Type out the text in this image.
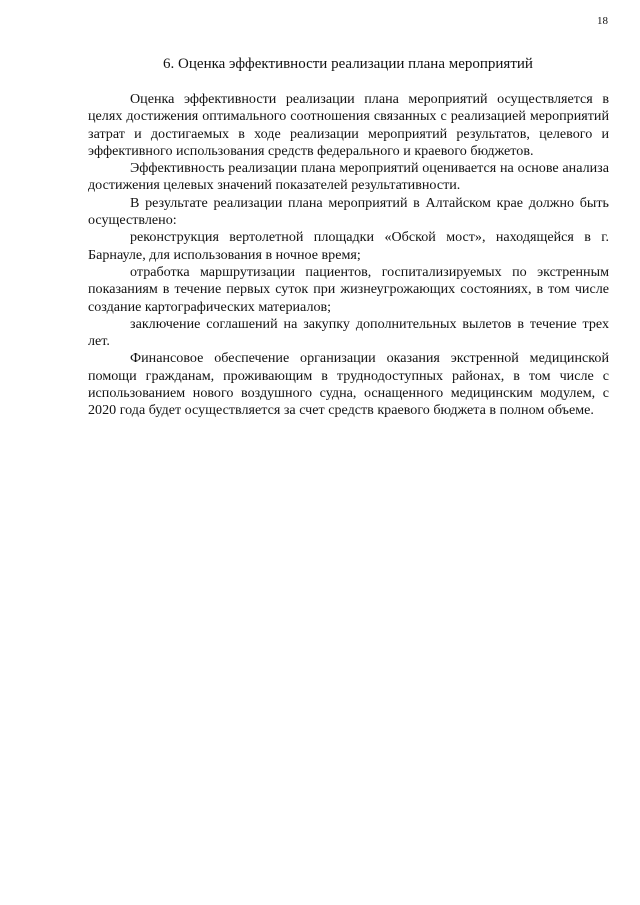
18
6. Оценка эффективности реализации плана мероприятий

Оценка эффективности реализации плана мероприятий осуществляется в целях достижения оптимального соотношения связанных с реализацией мероприятий затрат и достигаемых в ходе реализации мероприятий результатов, целевого и эффективного использования средств федерального и краевого бюджетов.

Эффективность реализации плана мероприятий оценивается на основе анализа достижения целевых значений показателей результативности.

В результате реализации плана мероприятий в Алтайском крае должно быть осуществлено:

реконструкция вертолетной площадки «Обской мост», находящейся в г. Барнауле, для использования в ночное время;

отработка маршрутизации пациентов, госпитализируемых по экстренным показаниям в течение первых суток при жизнеугрожающих состояниях, в том числе создание картографических материалов;

заключение соглашений на закупку дополнительных вылетов в течение трех лет.

Финансовое обеспечение организации оказания экстренной медицинской помощи гражданам, проживающим в труднодоступных районах, в том числе с использованием нового воздушного судна, оснащенного медицинским модулем, с 2020 года будет осуществляется за счет средств краевого бюджета в полном объеме.
